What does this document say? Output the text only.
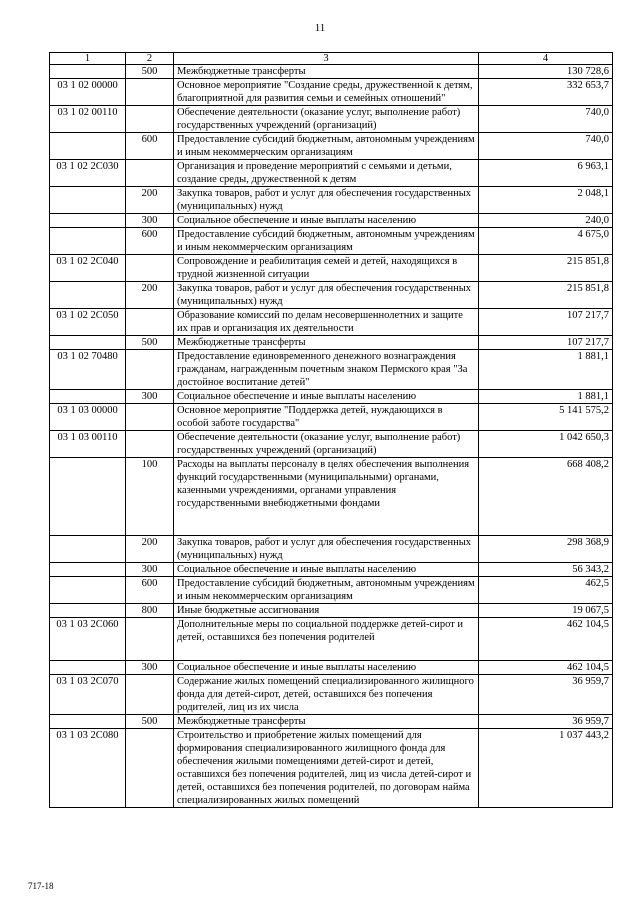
11
1	2	3	4
	500	Межбюджетные трансферты	130 728,6
03 1 02 00000		Основное мероприятие "Создание среды, дружественной к детям, благоприятной для развития семьи и семейных отношений"	332 653,7
03 1 02 00110		Обеспечение деятельности (оказание услуг, выполнение работ) государственных учреждений (организаций)	740,0
	600	Предоставление субсидий бюджетным, автономным учреждениям и иным некоммерческим организациям	740,0
03 1 02 2C030		Организация и проведение мероприятий с семьями и детьми, создание среды, дружественной к детям	6 963,1
	200	Закупка товаров, работ и услуг для обеспечения государственных (муниципальных) нужд	2 048,1
	300	Социальное обеспечение и иные выплаты населению	240,0
	600	Предоставление субсидий бюджетным, автономным учреждениям и иным некоммерческим организациям	4 675,0
03 1 02 2C040		Сопровождение и реабилитация семей и детей, находящихся в трудной жизненной ситуации	215 851,8
	200	Закупка товаров, работ и услуг для обеспечения государственных (муниципальных) нужд	215 851,8
03 1 02 2C050		Образование комиссий по делам несовершеннолетних и защите их прав и организация их деятельности	107 217,7
	500	Межбюджетные трансферты	107 217,7
03 1 02 70480		Предоставление единовременного денежного вознаграждения гражданам, награжденным почетным знаком Пермского края "За достойное воспитание детей"	1 881,1
	300	Социальное обеспечение и иные выплаты населению	1 881,1
03 1 03 00000		Основное мероприятие "Поддержка детей, нуждающихся в особой заботе государства"	5 141 575,2
03 1 03 00110		Обеспечение деятельности (оказание услуг, выполнение работ) государственных учреждений (организаций)	1 042 650,3
	100	Расходы на выплаты персоналу в целях обеспечения выполнения функций государственными (муниципальными) органами, казенными учреждениями, органами управления государственными внебюджетными фондами	668 408,2
	200	Закупка товаров, работ и услуг для обеспечения государственных (муниципальных) нужд	298 368,9
	300	Социальное обеспечение и иные выплаты населению	56 343,2
	600	Предоставление субсидий бюджетным, автономным учреждениям и иным некоммерческим организациям	462,5
	800	Иные бюджетные ассигнования	19 067,5
03 1 03 2C060		Дополнительные меры по социальной поддержке детей-сирот и детей, оставшихся без попечения родителей	462 104,5
	300	Социальное обеспечение и иные выплаты населению	462 104,5
03 1 03 2C070		Содержание жилых помещений специализированного жилищного фонда для детей-сирот, детей, оставшихся без попечения родителей, лиц из их числа	36 959,7
	500	Межбюджетные трансферты	36 959,7
03 1 03 2C080		Строительство и приобретение жилых помещений для формирования специализированного жилищного фонда для обеспечения жилыми помещениями детей-сирот и детей, оставшихся без попечения родителей, лиц из числа детей-сирот и детей, оставшихся без попечения родителей, по договорам найма специализированных жилых помещений	1 037 443,2
717-18
